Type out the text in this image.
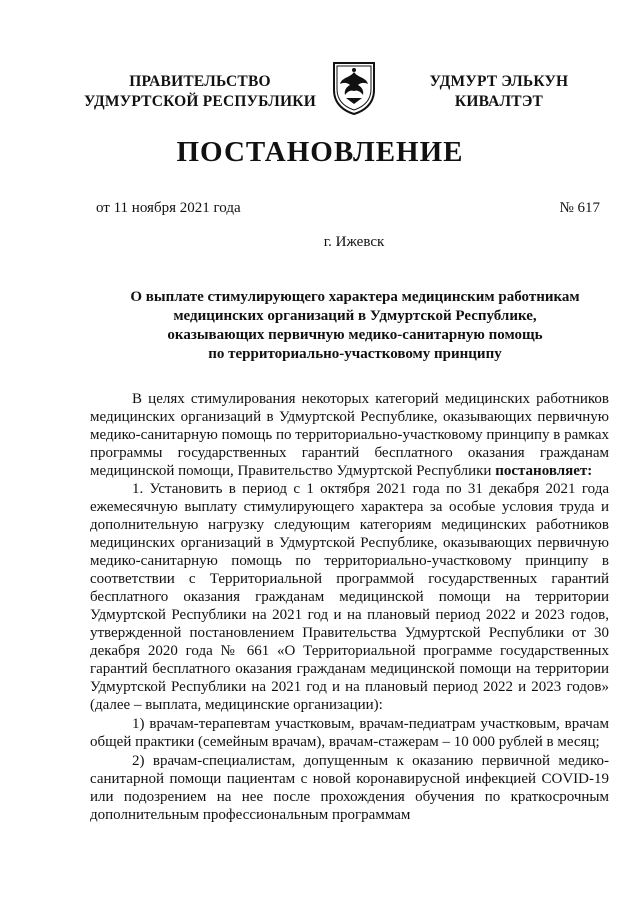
ПРАВИТЕЛЬСТВО
УДМУРТСКОЙ РЕСПУБЛИКИ
УДМУРТ ЭЛЬКУН
КИВАЛТЭТ
ПОСТАНОВЛЕНИЕ
от 11 ноября 2021 года	№ 617
г. Ижевск
О выплате стимулирующего характера медицинским работникам
медицинских организаций в Удмуртской Республике,
оказывающих первичную медико-санитарную помощь
по территориально-участковому принципу

В целях стимулирования некоторых категорий медицинских работников медицинских организаций в Удмуртской Республике, оказывающих первичную медико-санитарную помощь по территориально-участковому принципу в рамках программы государственных гарантий бесплатного оказания гражданам медицинской помощи, Правительство Удмуртской Республики постановляет:

1. Установить в период с 1 октября 2021 года по 31 декабря 2021 года ежемесячную выплату стимулирующего характера за особые условия труда и дополнительную нагрузку следующим категориям медицинских работников медицинских организаций в Удмуртской Республике, оказывающих первичную медико-санитарную помощь по территориально-участковому принципу в соответствии с Территориальной программой государственных гарантий бесплатного оказания гражданам медицинской помощи на территории Удмуртской Республики на 2021 год и на плановый период 2022 и 2023 годов, утвержденной постановлением Правительства Удмуртской Республики от 30 декабря 2020 года № 661 «О Территориальной программе государственных гарантий бесплатного оказания гражданам медицинской помощи на территории Удмуртской Республики на 2021 год и на плановый период 2022 и 2023 годов» (далее – выплата, медицинские организации):

1) врачам-терапевтам участковым, врачам-педиатрам участковым, врачам общей практики (семейным врачам), врачам-стажерам – 10 000 рублей в месяц;

2) врачам-специалистам, допущенным к оказанию первичной медико-санитарной помощи пациентам с новой коронавирусной инфекцией COVID-19 или подозрением на нее после прохождения обучения по краткосрочным дополнительным профессиональным программам
